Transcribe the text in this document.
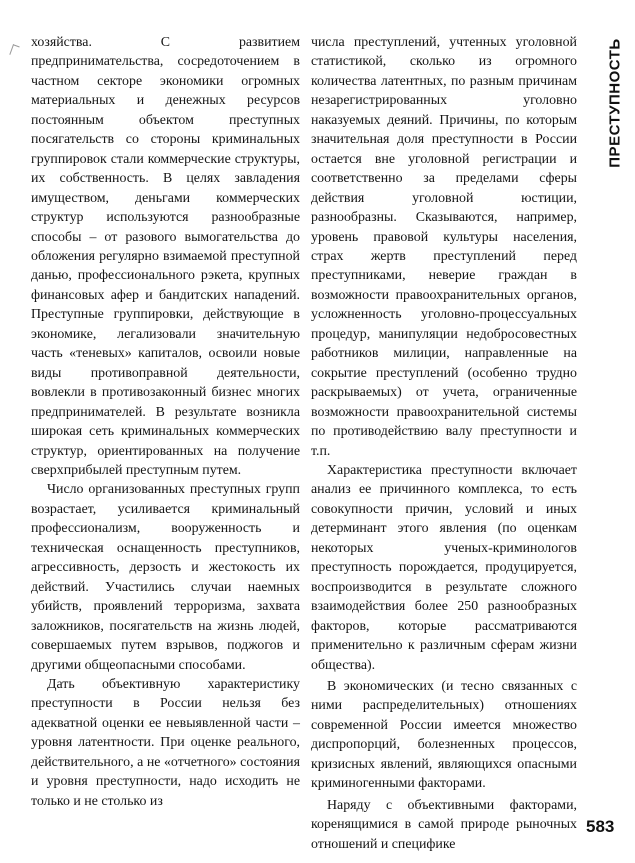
хозяйства. С развитием предпринимательства, сосредоточением в частном секторе экономики огромных материальных и денежных ресурсов постоянным объектом преступных посягательств со стороны криминальных группировок стали коммерческие структуры, их собственность. В целях завладения имуществом, деньгами коммерческих структур используются разнообразные способы – от разового вымогательства до обложения регулярно взимаемой преступной данью, профессионального рэкета, крупных финансовых афер и бандитских нападений. Преступные группировки, действующие в экономике, легализовали значительную часть «теневых» капиталов, освоили новые виды противоправной деятельности, вовлекли в противозаконный бизнес многих предпринимателей. В результате возникла широкая сеть криминальных коммерческих структур, ориентированных на получение сверхприбылей преступным путем.

Число организованных преступных групп возрастает, усиливается криминальный профессионализм, вооруженность и техническая оснащенность преступников, агрессивность, дерзость и жестокость их действий. Участились случаи наемных убийств, проявлений терроризма, захвата заложников, посягательств на жизнь людей, совершаемых путем взрывов, поджогов и другими общеопасными способами.

Дать объективную характеристику преступности в России нельзя без адекватной оценки ее невыявленной части – уровня латентности. При оценке реального, действительного, а не «отчетного» состояния и уровня преступности, надо исходить не только и не столько из

числа преступлений, учтенных уголовной статистикой, сколько из огромного количества латентных, по разным причинам незарегистрированных уголовно наказуемых деяний. Причины, по которым значительная доля преступности в России остается вне уголовной регистрации и соответственно за пределами сферы действия уголовной юстиции, разнообразны. Сказываются, например, уровень правовой культуры населения, страх жертв преступлений перед преступниками, неверие граждан в возможности правоохранительных органов, усложненность уголовно-процессуальных процедур, манипуляции недобросовестных работников милиции, направленные на сокрытие преступлений (особенно трудно раскрываемых) от учета, ограниченные возможности правоохранительной системы по противодействию валу преступности и т.п.

Характеристика преступности включает анализ ее причинного комплекса, то есть совокупности причин, условий и иных детерминант этого явления (по оценкам некоторых ученых-криминологов преступность порождается, продуцируется, воспроизводится в результате сложного взаимодействия более 250 разнообразных факторов, которые рассматриваются применительно к различным сферам жизни общества).

В экономических (и тесно связанных с ними распределительных) отношениях современной России имеется множество диспропорций, болезненных процессов, кризисных явлений, являющихся опасными криминогенными факторами.

Наряду с объективными факторами, коренящимися в самой природе рыночных отношений и специфике

ПРЕСТУПНОСТЬ
583
